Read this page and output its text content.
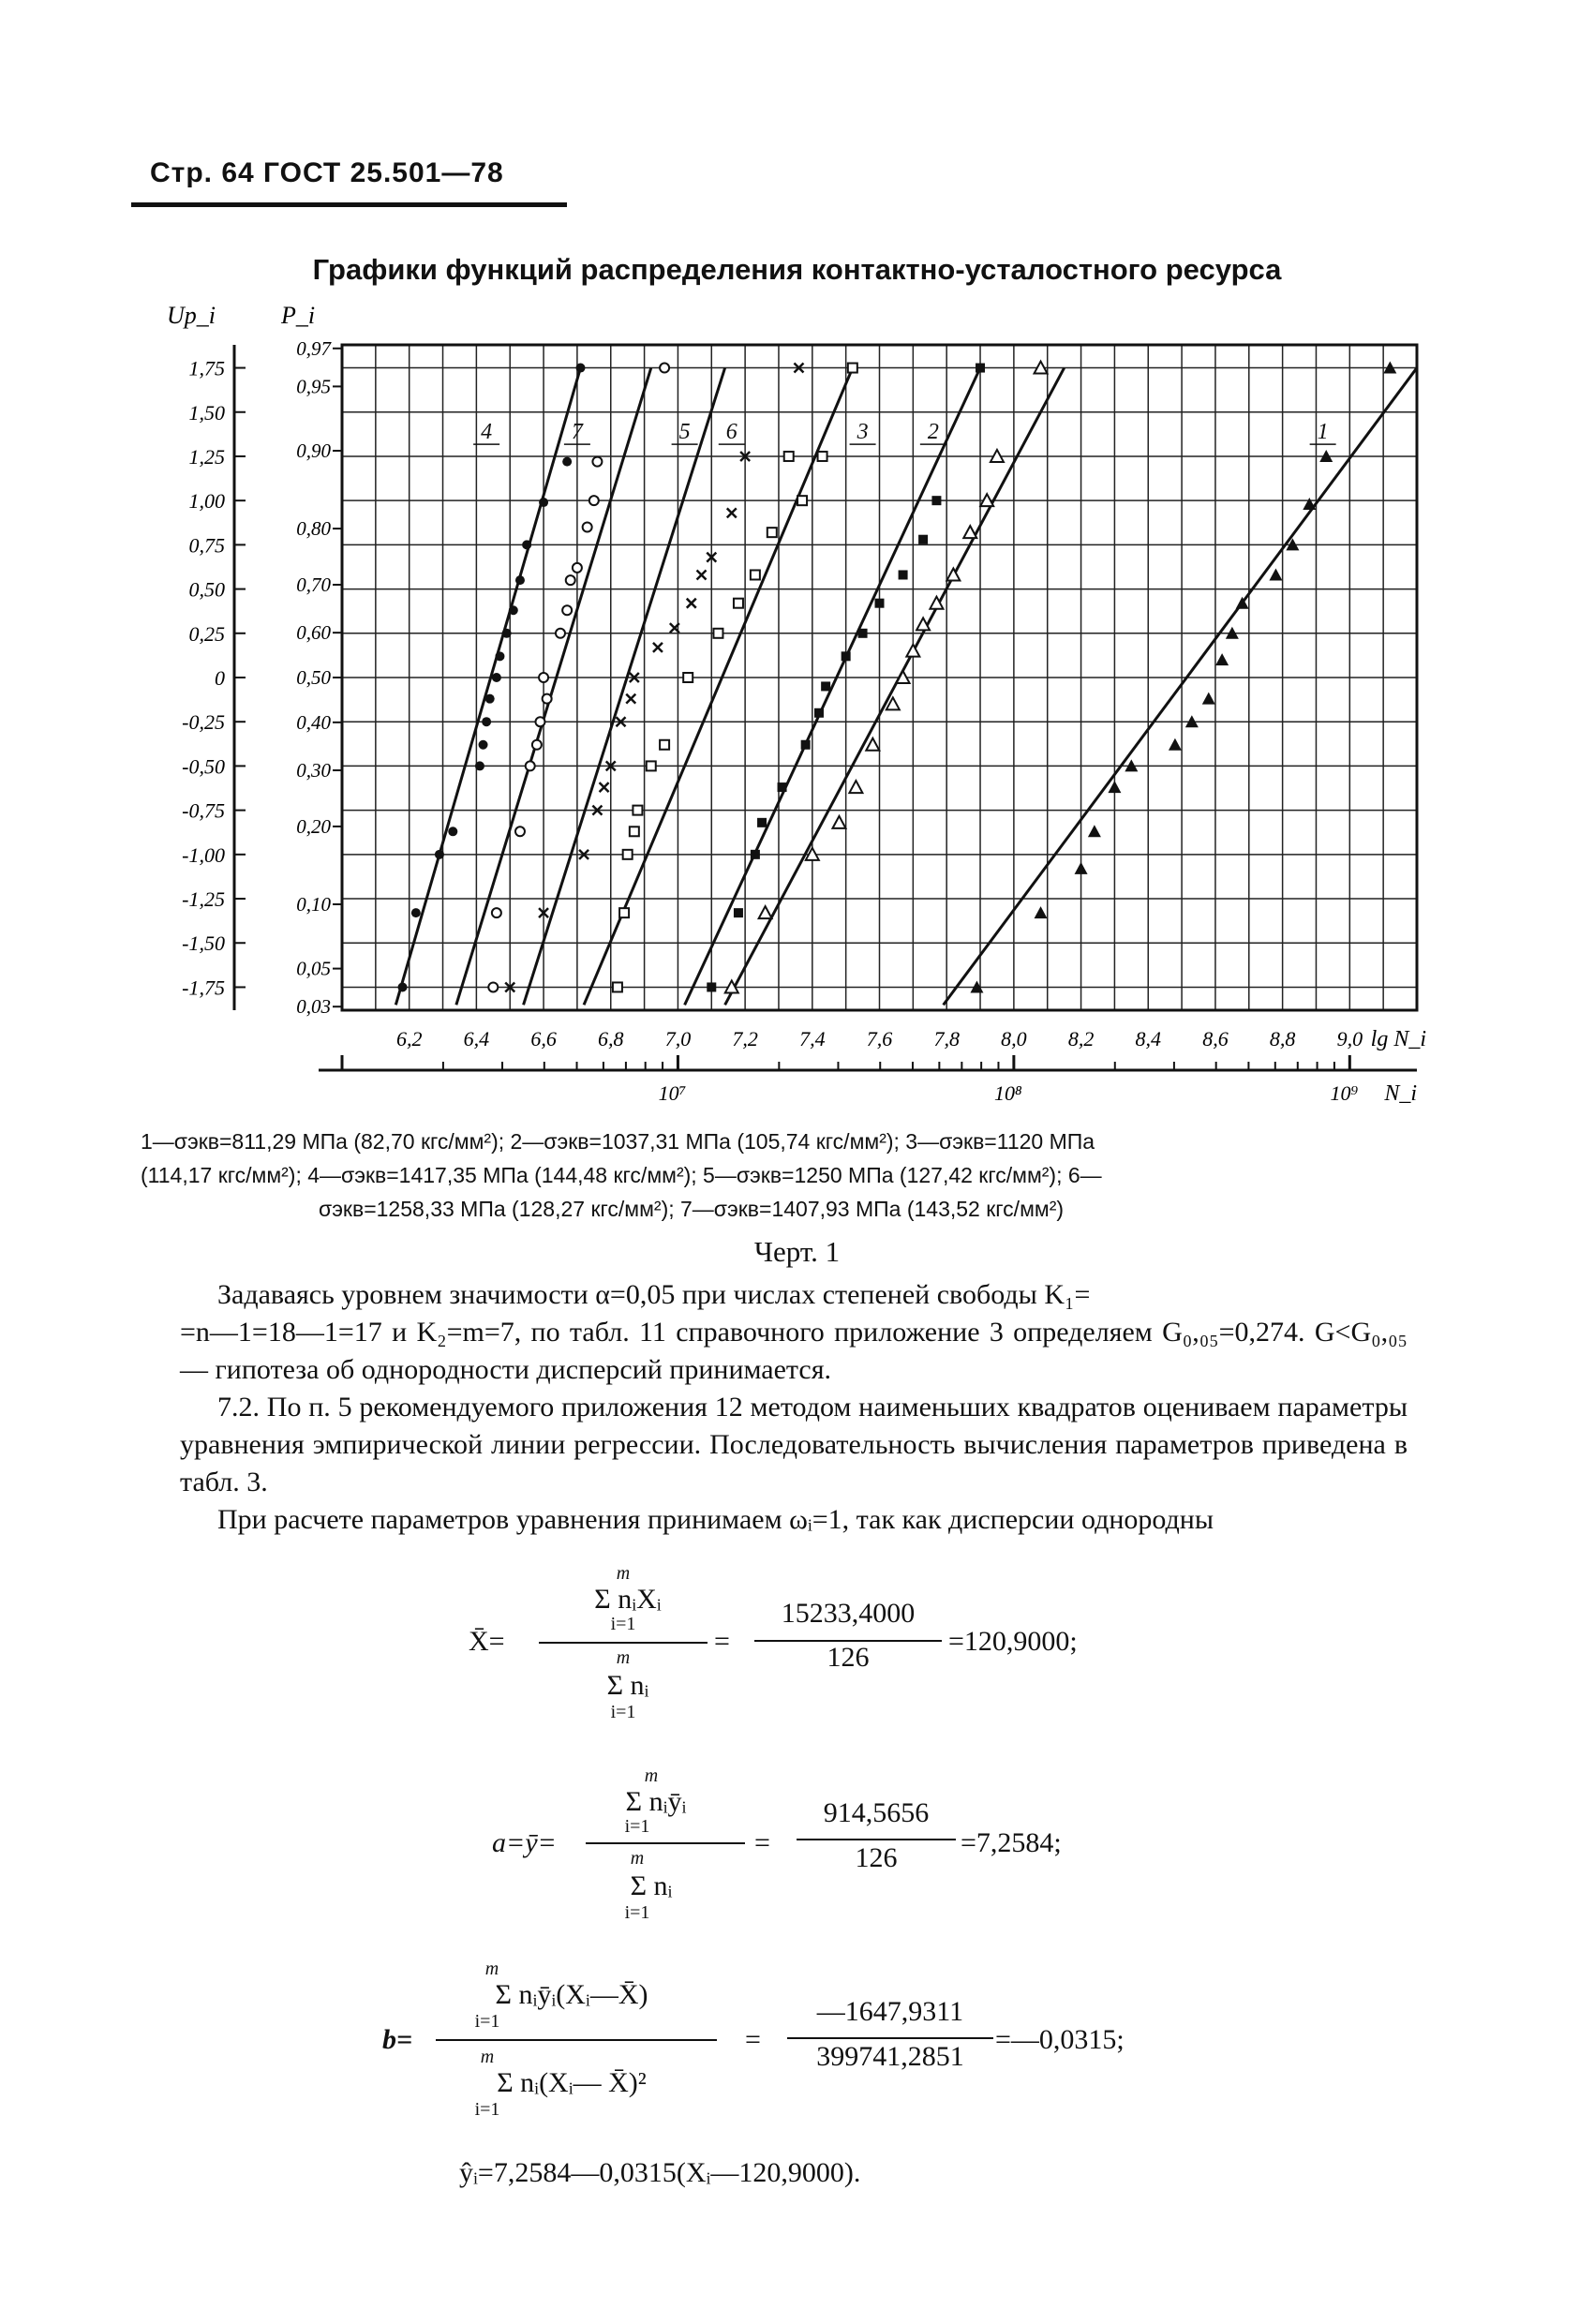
Стр. 64 ГОСТ 25.501—78
Графики функций распределения контактно-усталостного ресурса
1,75
1,50
1,25
1,00
0,75
0,50
0,25
0
-0,25
-0,50
-0,75
-1,00
-1,25
-1,50
-1,75
0,97
0,95
0,90
0,80
0,70
0,60
0,50
0,40
0,30
0,20
0,10
0,05
0,03
Up_i	P_i
6,2 6,4 6,6 6,8 7,0 7,2 7,4 7,6 7,8 8,0 8,2 8,4 8,6 8,8 9,0 lg N_i
10⁷	10⁸	10⁹ N_i
4	7	5 6	3	2	1
1—σэкв=811,29 МПа (82,70 кгс/мм²); 2—σэкв=1037,31 МПа (105,74 кгс/мм²); 3—σэкв=1120 МПа
(114,17 кгс/мм²); 4—σэкв=1417,35 МПа (144,48 кгс/мм²); 5—σэкв=1250 МПа (127,42 кгс/мм²); 6—
σэкв=1258,33 МПа (128,27 кгс/мм²); 7—σэкв=1407,93 МПа (143,52 кгс/мм²)
Черт. 1
Задаваясь уровнем значимости α=0,05 при числах степеней свободы K₁=
=n—1=18—1=17 и K₂=m=7, по табл. 11 справочного приложение 3 определяем G₀,₀₅=0,274. G<G₀,₀₅ — гипотеза об однородности дисперсий принимается.
7.2. По п. 5 рекомендуемого приложения 12 методом наименьших квадратов оцениваем параметры уравнения эмпирической линии регрессии. Последовательность вычисления параметров приведена в табл. 3.
При расчете параметров уравнения принимаем ωᵢ=1, так как дисперсии однородны
X̄=
m
Σ nᵢXᵢ
i=1
m
Σ nᵢ
i=1
=
15233,4000
126
=120,9000;
a=ȳ=
m
Σ nᵢȳᵢ
i=1
m
Σ nᵢ
i=1
=
914,5656
126	=7,2584;
b=
m
Σ nᵢȳᵢ(Xᵢ—X̄)
i=1
m
Σ nᵢ(Xᵢ— X̄)²
i=1
=
—1647,9311
399741,2851
=—0,0315;
ŷᵢ=7,2584—0,0315(Xᵢ—120,9000).
